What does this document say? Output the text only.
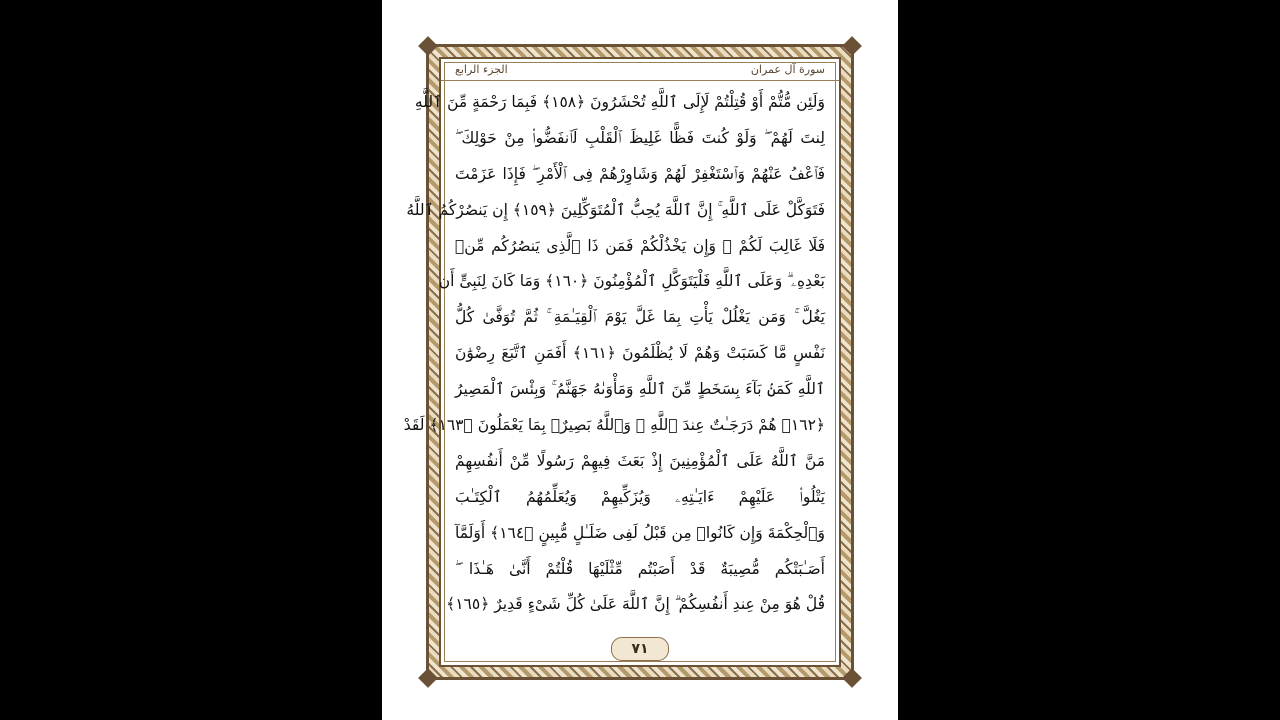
الجزء الرابع	سورة آل عمران
وَلَئِن مُّتُّمْ أَوْ قُتِلْتُمْ لَإِلَى ٱللَّهِ تُحْشَرُونَ ﴿١٥٨﴾ فَبِمَا رَحْمَةٍ مِّنَ ٱللَّهِ
لِنتَ لَهُمْ ۖ وَلَوْ كُنتَ فَظًّا غَلِيظَ ٱلْقَلْبِ لَٱنفَضُّوا۟ مِنْ حَوْلِكَ ۖ
فَٱعْفُ عَنْهُمْ وَٱسْتَغْفِرْ لَهُمْ وَشَاوِرْهُمْ فِى ٱلْأَمْرِ ۖ فَإِذَا عَزَمْتَ
فَتَوَكَّلْ عَلَى ٱللَّهِ ۚ إِنَّ ٱللَّهَ يُحِبُّ ٱلْمُتَوَكِّلِينَ ﴿١٥٩﴾ إِن يَنصُرْكُمُ ٱللَّهُ
فَلَا غَالِبَ لَكُمْ ۖ وَإِن يَخْذُلْكُمْ فَمَن ذَا ٱلَّذِى يَنصُرُكُم مِّنۢ
بَعْدِهِۦ ۗ وَعَلَى ٱللَّهِ فَلْيَتَوَكَّلِ ٱلْمُؤْمِنُونَ ﴿١٦٠﴾ وَمَا كَانَ لِنَبِىٍّ أَن
يَغُلَّ ۚ وَمَن يَغْلُلْ يَأْتِ بِمَا غَلَّ يَوْمَ ٱلْقِيَـٰمَةِ ۚ ثُمَّ تُوَفَّىٰ كُلُّ
نَفْسٍ مَّا كَسَبَتْ وَهُمْ لَا يُظْلَمُونَ ﴿١٦١﴾ أَفَمَنِ ٱتَّبَعَ رِضْوَٰنَ
ٱللَّهِ كَمَنۢ بَآءَ بِسَخَطٍ مِّنَ ٱللَّهِ وَمَأْوَىٰهُ جَهَنَّمُ ۚ وَبِئْسَ ٱلْمَصِيرُ
﴿١٦٢﴾ هُمْ دَرَجَـٰتٌ عِندَ ٱللَّهِ ۗ وَٱللَّهُ بَصِيرٌۢ بِمَا يَعْمَلُونَ ﴿١٦٣﴾ لَقَدْ
مَنَّ ٱللَّهُ عَلَى ٱلْمُؤْمِنِينَ إِذْ بَعَثَ فِيهِمْ رَسُولًا مِّنْ أَنفُسِهِمْ
يَتْلُوا۟ عَلَيْهِمْ ءَايَـٰتِهِۦ وَيُزَكِّيهِمْ وَيُعَلِّمُهُمُ ٱلْكِتَـٰبَ
وَٱلْحِكْمَةَ وَإِن كَانُوا۟ مِن قَبْلُ لَفِى ضَلَـٰلٍ مُّبِينٍ ﴿١٦٤﴾ أَوَلَمَّآ
أَصَـٰبَتْكُم مُّصِيبَةٌ قَدْ أَصَبْتُم مِّثْلَيْهَا قُلْتُمْ أَنَّىٰ هَـٰذَا ۖ
قُلْ هُوَ مِنْ عِندِ أَنفُسِكُمْ ۗ إِنَّ ٱللَّهَ عَلَىٰ كُلِّ شَىْءٍ قَدِيرٌ ﴿١٦٥﴾
٧١
